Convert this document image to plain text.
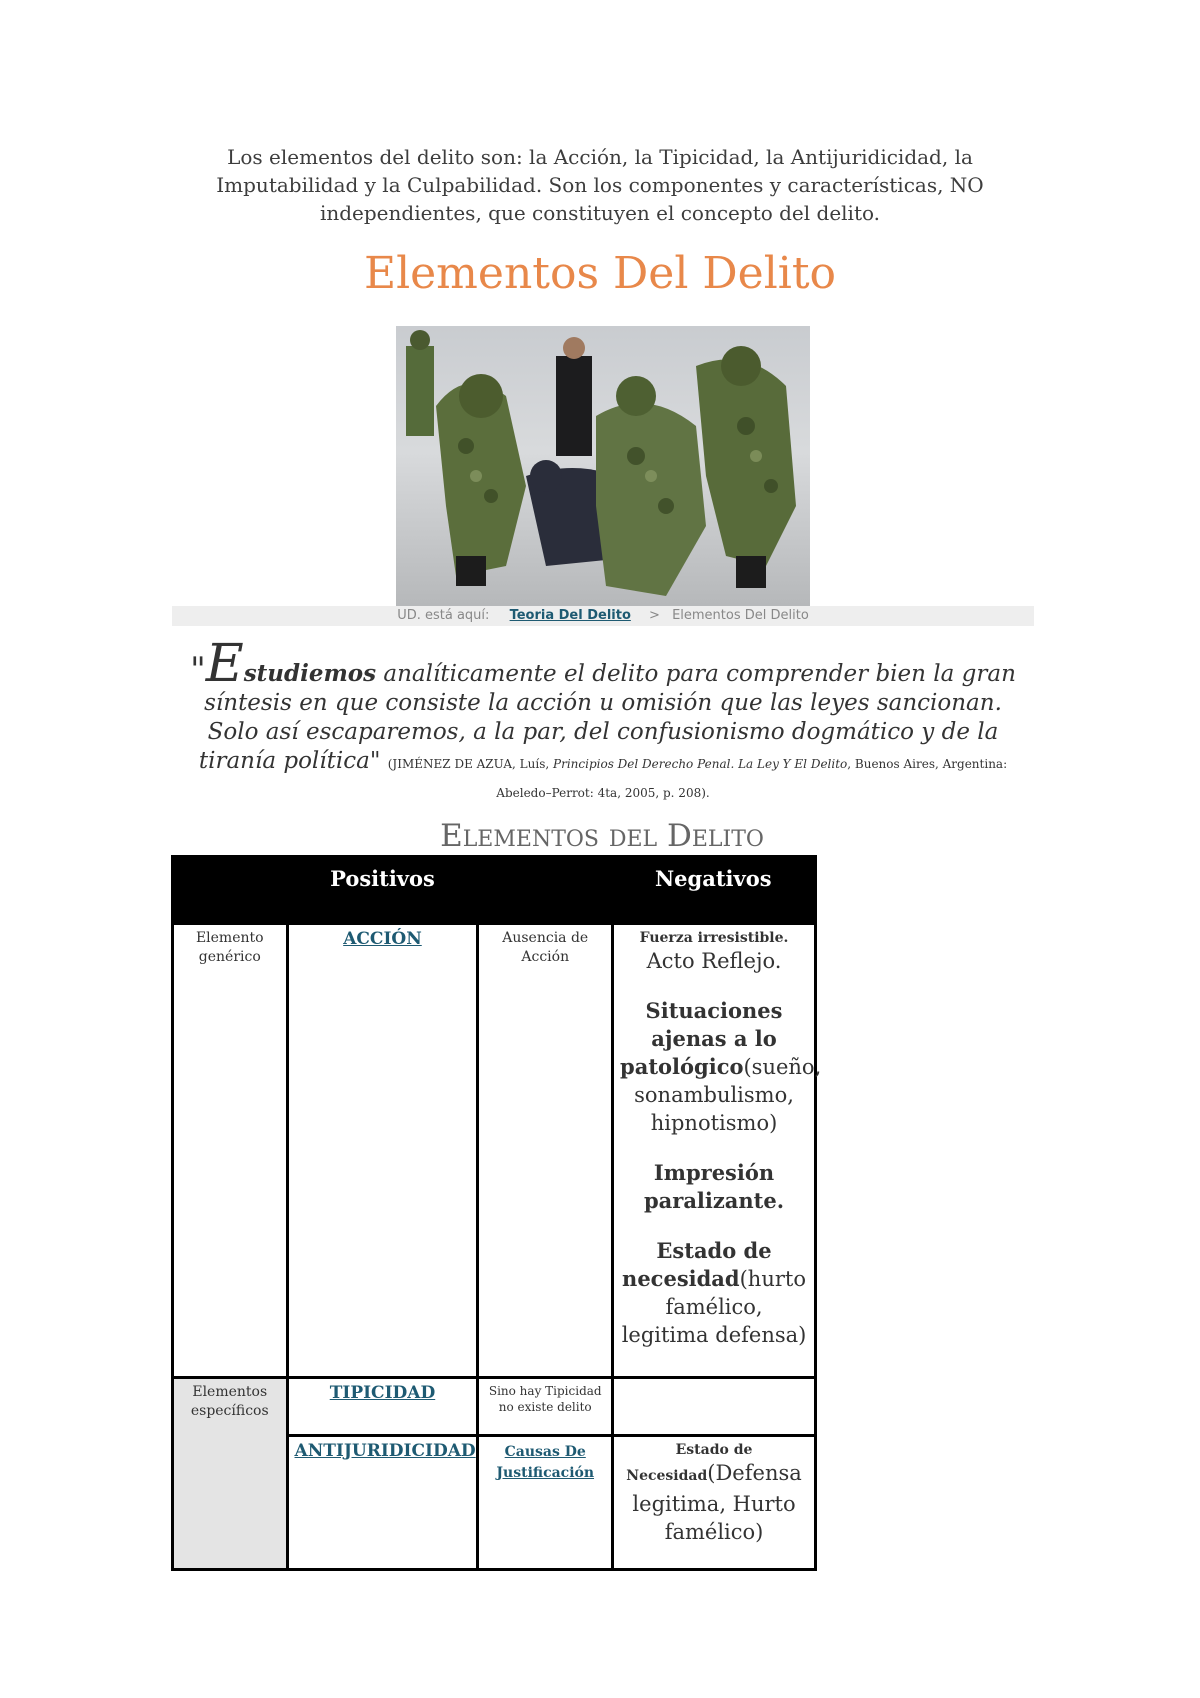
Los elementos del delito son: la Acción, la Tipicidad, la Antijuridicidad, la Imputabilidad y la Culpabilidad. Son los componentes y características, NO independientes, que constituyen el concepto del delito.
Elementos Del Delito
UD. está aquí: Teoria Del Delito > Elementos Del Delito
"Estudiemos analíticamente el delito para comprender bien la gran síntesis en que consiste la acción u omisión que las leyes sancionan. Solo así escaparemos, a la par, del confusionismo dogmático y de la tiranía política" (JIMÉNEZ DE AZUA, Luís, Principios Del Derecho Penal. La Ley Y El Delito, Buenos Aires, Argentina: Abeledo–Perrot: 4ta, 2005, p. 208).
Elementos del Delito
	Positivos		Negativos
Elemento genérico	ACCIÓN	Ausencia de Acción	Fuerza irresistible.
Acto Reflejo.

Situaciones ajenas a lo patológico(sueño, sonambulismo, hipnotismo)

Impresión paralizante.

Estado de necesidad(hurto famélico, legitima defensa)

Elementos específicos	TIPICIDAD	Sino hay Tipicidad no existe delito	
	ANTIJURIDICIDAD	Causas De Justificación	Estado de
Necesidad(Defensa legitima, Hurto famélico)
